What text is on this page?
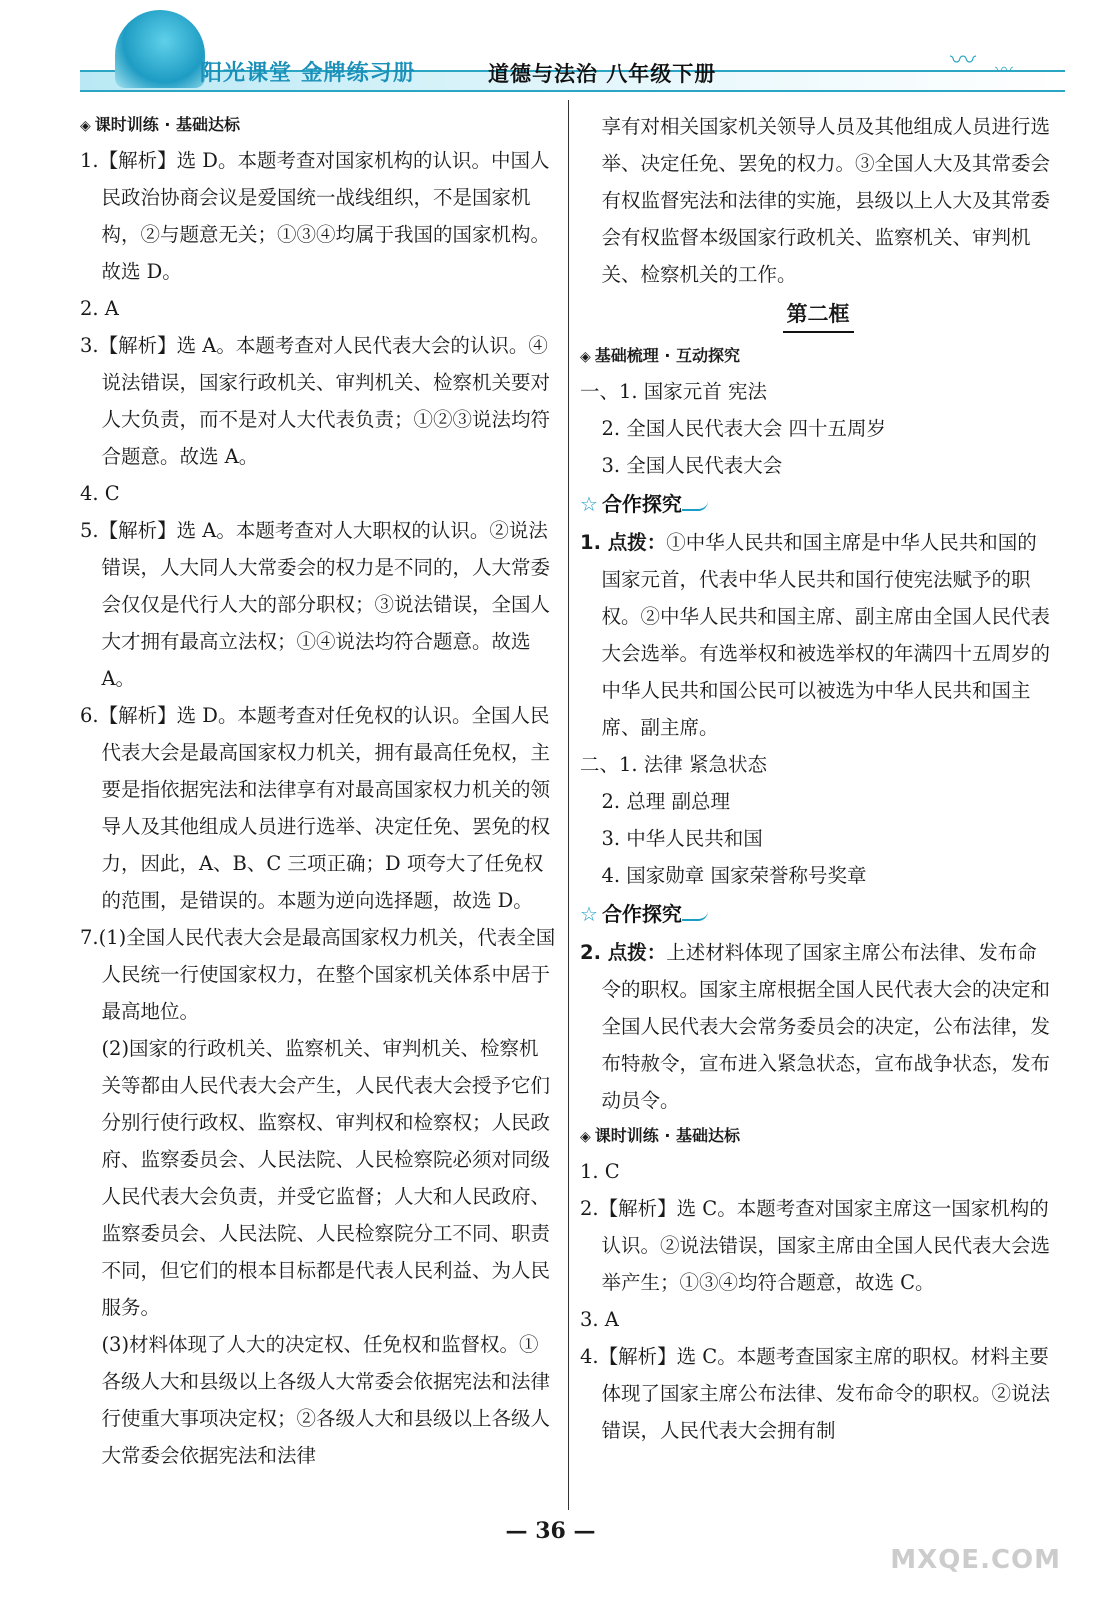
阳光课堂 金牌练习册	道德与法治 八年级下册	〰 〰
◈ 课时训练 · 基础达标

1.【解析】选 D。本题考查对国家机构的认识。中国人民政治协商会议是爱国统一战线组织，不是国家机构，②与题意无关；①③④均属于我国的国家机构。故选 D。

2. A

3.【解析】选 A。本题考查对人民代表大会的认识。④说法错误，国家行政机关、审判机关、检察机关要对人大负责，而不是对人大代表负责；①②③说法均符合题意。故选 A。

4. C

5.【解析】选 A。本题考查对人大职权的认识。②说法错误，人大同人大常委会的权力是不同的，人大常委会仅仅是代行人大的部分职权；③说法错误，全国人大才拥有最高立法权；①④说法均符合题意。故选 A。

6.【解析】选 D。本题考查对任免权的认识。全国人民代表大会是最高国家权力机关，拥有最高任免权，主要是指依据宪法和法律享有对最高国家权力机关的领导人及其他组成人员进行选举、决定任免、罢免的权力，因此，A、B、C 三项正确；D 项夸大了任免权的范围，是错误的。本题为逆向选择题，故选 D。

7.(1)全国人民代表大会是最高国家权力机关，代表全国人民统一行使国家权力，在整个国家机关体系中居于最高地位。

(2)国家的行政机关、监察机关、审判机关、检察机关等都由人民代表大会产生，人民代表大会授予它们分别行使行政权、监察权、审判权和检察权；人民政府、监察委员会、人民法院、人民检察院必须对同级人民代表大会负责，并受它监督；人大和人民政府、监察委员会、人民法院、人民检察院分工不同、职责不同，但它们的根本目标都是代表人民利益、为人民服务。

(3)材料体现了人大的决定权、任免权和监督权。①各级人大和县级以上各级人大常委会依据宪法和法律行使重大事项决定权；②各级人大和县级以上各级人大常委会依据宪法和法律

享有对相关国家机关领导人员及其他组成人员进行选举、决定任免、罢免的权力。③全国人大及其常委会有权监督宪法和法律的实施，县级以上人大及其常委会有权监督本级国家行政机关、监察机关、审判机关、检察机关的工作。

第二框
◈ 基础梳理 · 互动探究

一、1. 国家元首 宪法

2. 全国人民代表大会 四十五周岁

3. 全国人民代表大会

☆ 合作探究

1. 点拨：①中华人民共和国主席是中华人民共和国的国家元首，代表中华人民共和国行使宪法赋予的职权。②中华人民共和国主席、副主席由全国人民代表大会选举。有选举权和被选举权的年满四十五周岁的中华人民共和国公民可以被选为中华人民共和国主席、副主席。

二、1. 法律 紧急状态

2. 总理 副总理

3. 中华人民共和国

4. 国家勋章 国家荣誉称号奖章

☆ 合作探究

2. 点拨：上述材料体现了国家主席公布法律、发布命令的职权。国家主席根据全国人民代表大会的决定和全国人民代表大会常务委员会的决定，公布法律，发布特赦令，宣布进入紧急状态，宣布战争状态，发布动员令。

◈ 课时训练 · 基础达标

1. C

2.【解析】选 C。本题考查对国家主席这一国家机构的认识。②说法错误，国家主席由全国人民代表大会选举产生；①③④均符合题意，故选 C。

3. A

4.【解析】选 C。本题考查国家主席的职权。材料主要体现了国家主席公布法律、发布命令的职权。②说法错误，人民代表大会拥有制

— 36 —
MXQE.COM
